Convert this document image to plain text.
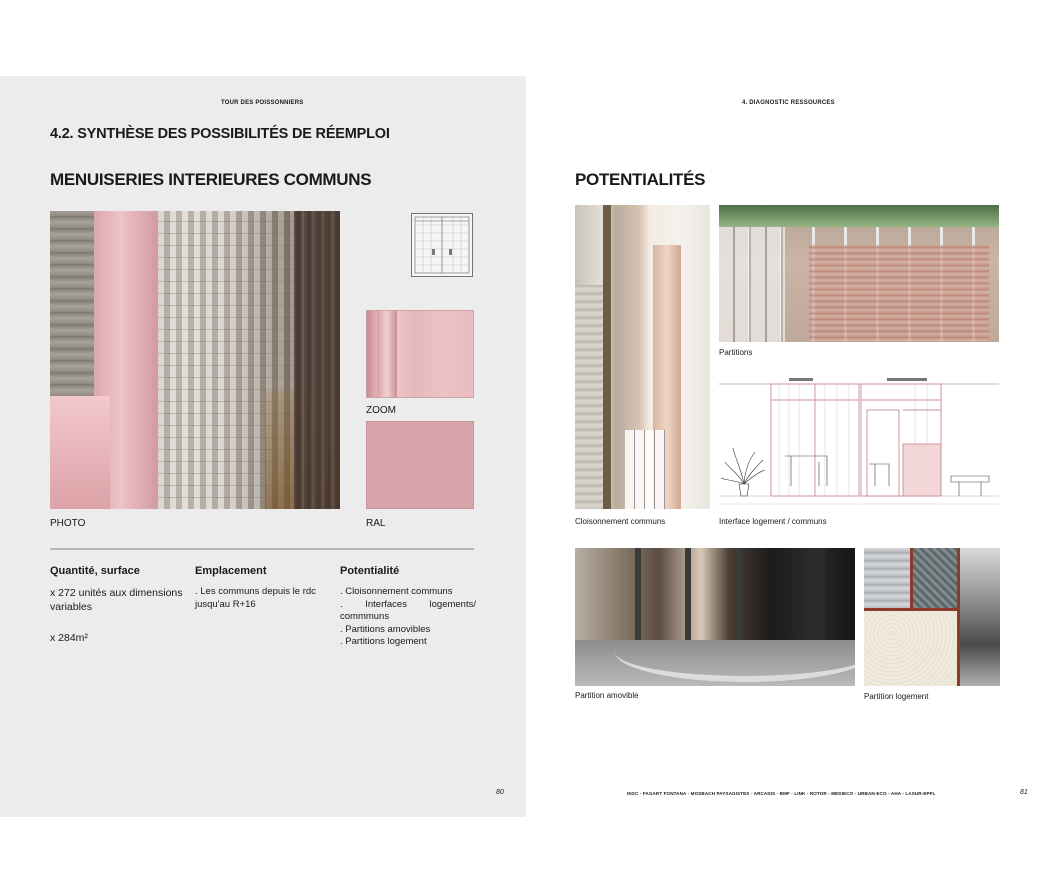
TOUR DES POISSONNIERS
4.2. SYNTHÈSE DES POSSIBILITÉS DE RÉEMPLOI
MENUISERIES INTERIEURES COMMUNS
PHOTO
ZOOM
RAL
Quantité, surface
x 272 unités aux dimensions variables
x 284m²
Emplacement
. Les communs depuis le rdc jusqu'au R+16
Potentialité
. Cloisonnement communs
. Interfaces logements/ commmuns
. Partitions amovibles
. Partitions logement
80
4. DIAGNOSTIC RESSOURCES
POTENTIALITÉS
Cloisonnement communs
Partitions
Interface logement / communs
Partition amovible	Partition logement
INSC - FAGART FONTANA - MOSBACH PAYSAGISTES - ARCADIS - BMF - LINK - ROTOR - MEDIECO - URBAN-ECO - AHA - LASUR-EPFL	81
